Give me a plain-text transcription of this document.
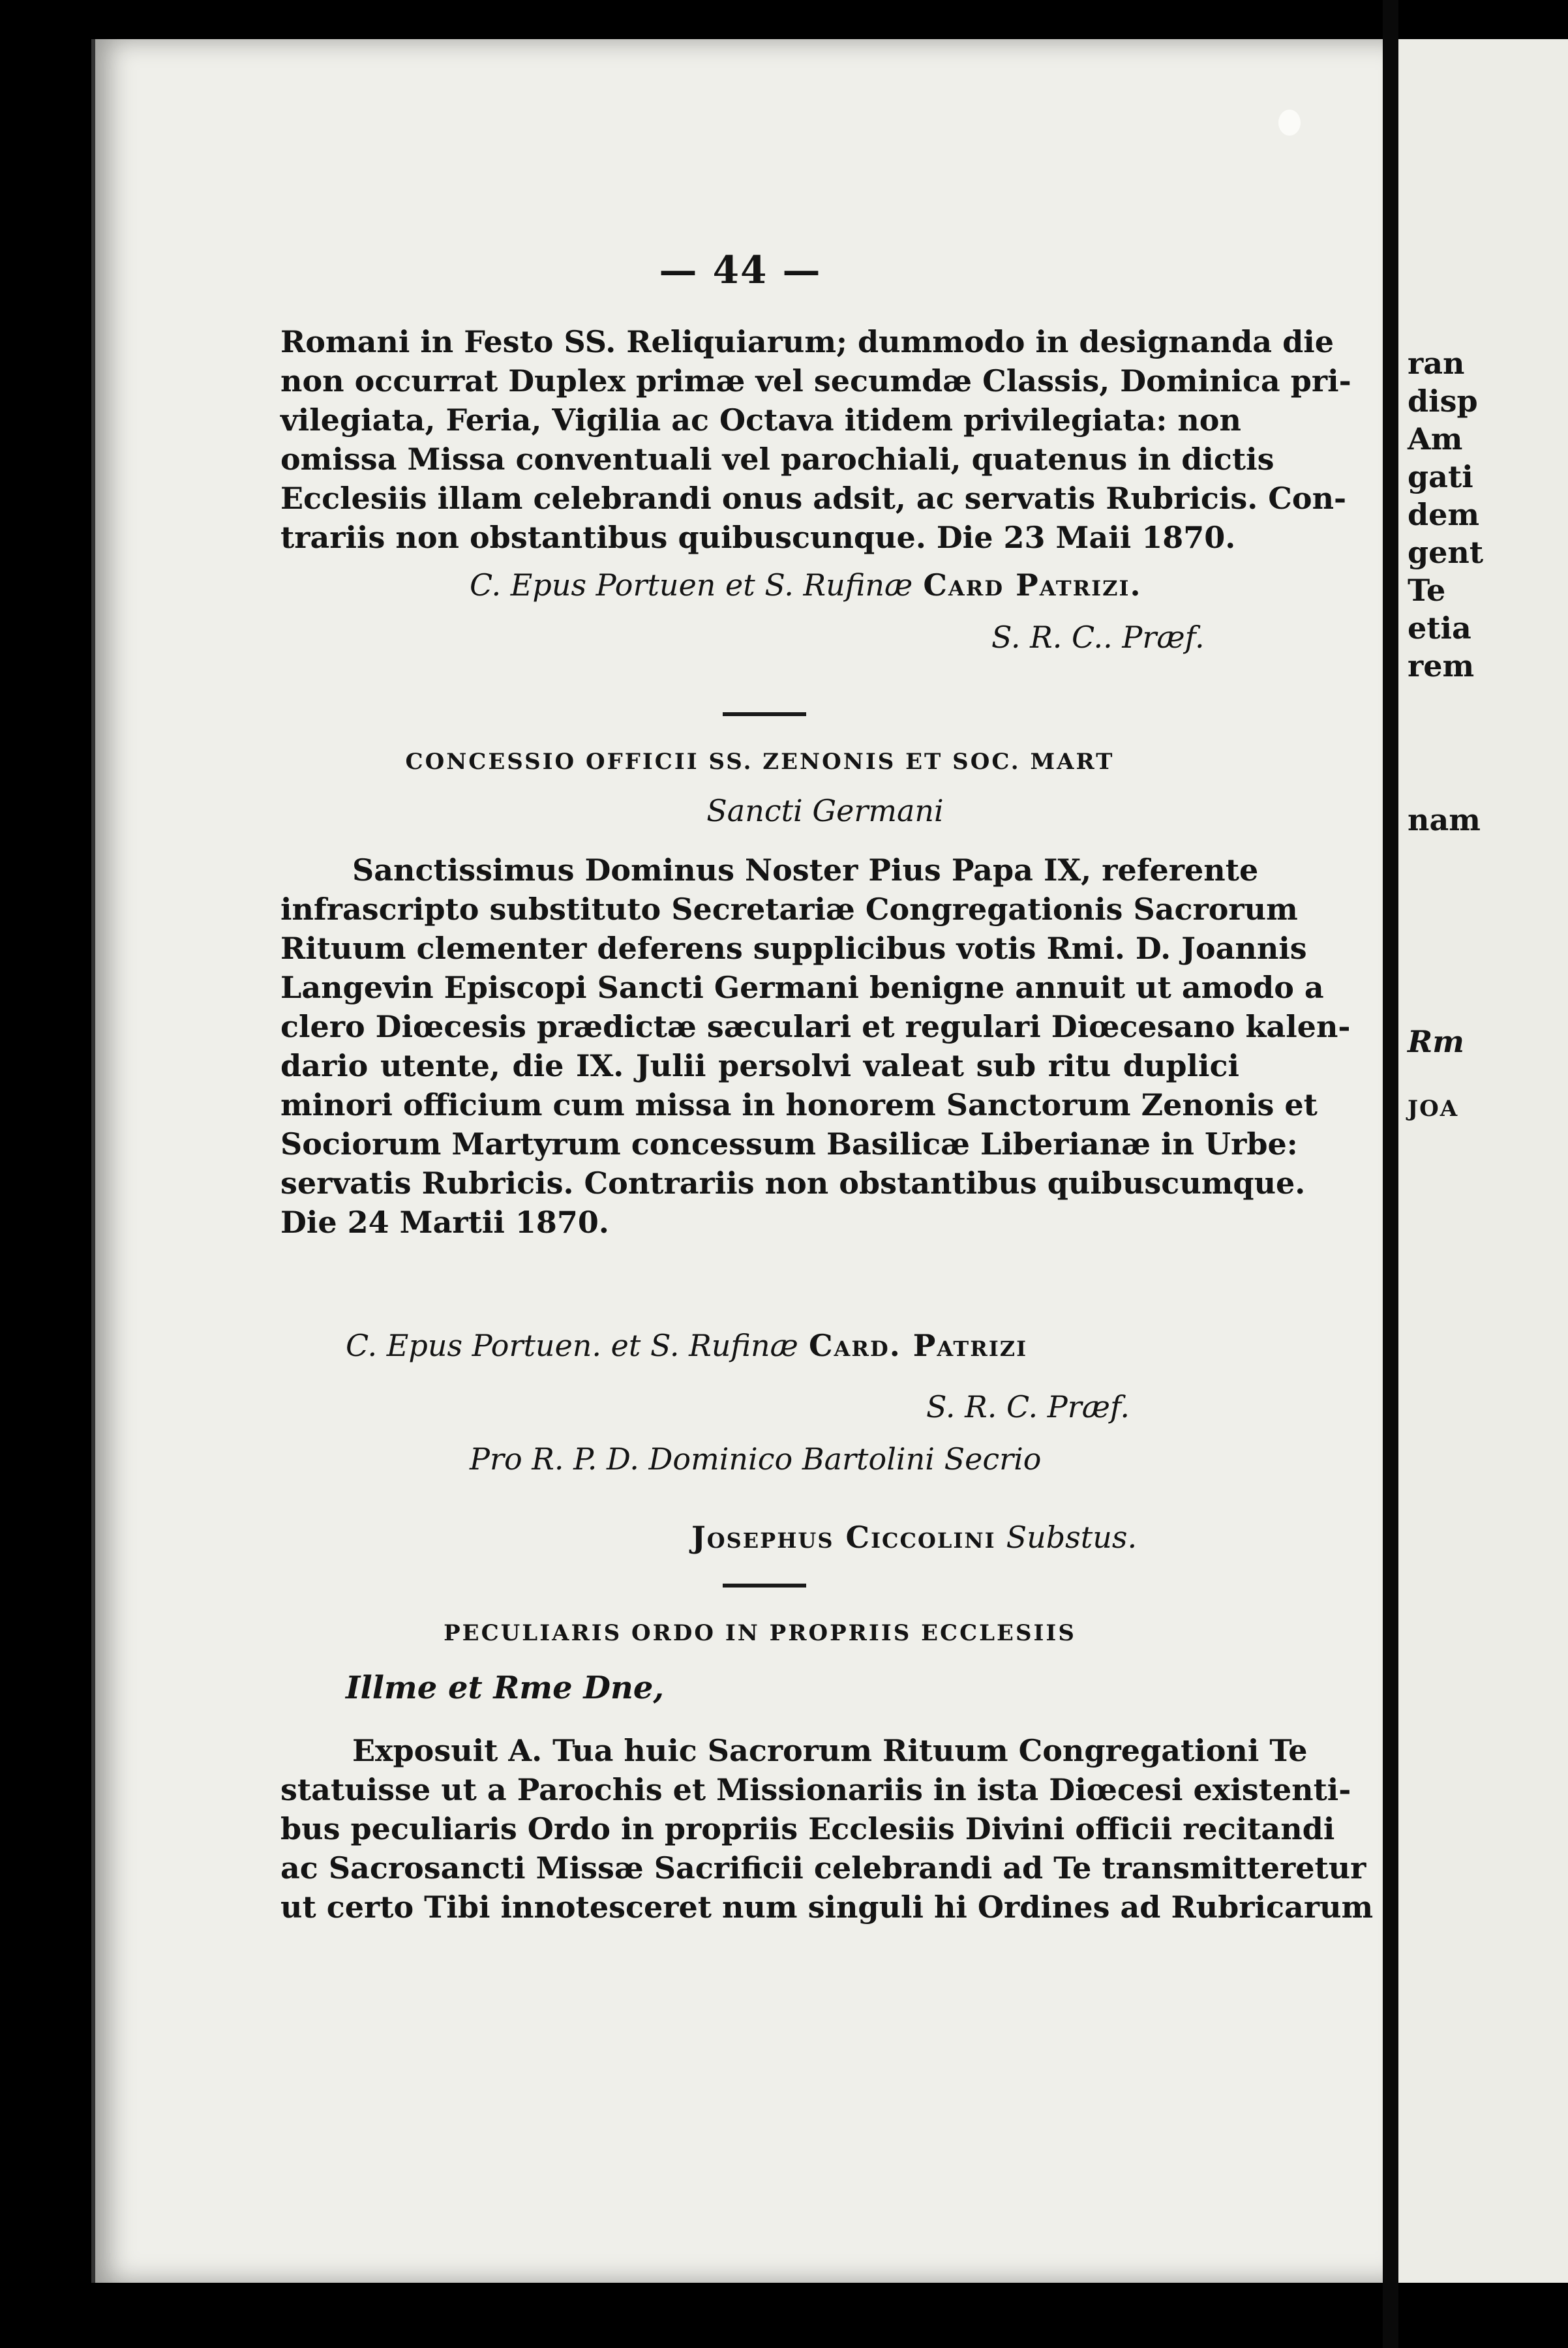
ran
disp
Am
gati
dem
gent
Te
etia
rem
nam
Rm
JOA
— 44 —
Romani in Festo SS. Reliquiarum; dummodo in designanda die
non occurrat Duplex primæ vel secumdæ Classis, Dominica pri-
vilegiata, Feria, Vigilia ac Octava itidem privilegiata: non
omissa Missa conventuali vel parochiali, quatenus in dictis
Ecclesiis illam celebrandi onus adsit, ac servatis Rubricis. Con-
trariis non obstantibus quibuscunque. Die 23 Maii 1870.
C. Epus Portuen et S. Rufinæ Card Patrizi.
S. R. C.. Præf.
CONCESSIO OFFICII SS. ZENONIS ET SOC. MART
Sancti Germani
Sanctissimus Dominus Noster Pius Papa IX, referente
infrascripto substituto Secretariæ Congregationis Sacrorum
Rituum clementer deferens supplicibus votis Rmi. D. Joannis
Langevin Episcopi Sancti Germani benigne annuit ut amodo a
clero Diœcesis prædictæ sæculari et regulari Diœcesano kalen-
dario utente, die IX. Julii persolvi valeat sub ritu duplici
minori officium cum missa in honorem Sanctorum Zenonis et
Sociorum Martyrum concessum Basilicæ Liberianæ in Urbe:
servatis Rubricis. Contrariis non obstantibus quibuscumque.
Die 24 Martii 1870.
C. Epus Portuen. et S. Rufinæ Card. Patrizi
S. R. C. Præf.
Pro R. P. D. Dominico Bartolini Secrio
Josephus Ciccolini Substus.
PECULIARIS ORDO IN PROPRIIS ECCLESIIS
Illme et Rme Dne,
Exposuit A. Tua huic Sacrorum Rituum Congregationi Te
statuisse ut a Parochis et Missionariis in ista Diœcesi existenti-
bus peculiaris Ordo in propriis Ecclesiis Divini officii recitandi
ac Sacrosancti Missæ Sacrificii celebrandi ad Te transmitteretur
ut certo Tibi innotesceret num singuli hi Ordines ad Rubricarum
